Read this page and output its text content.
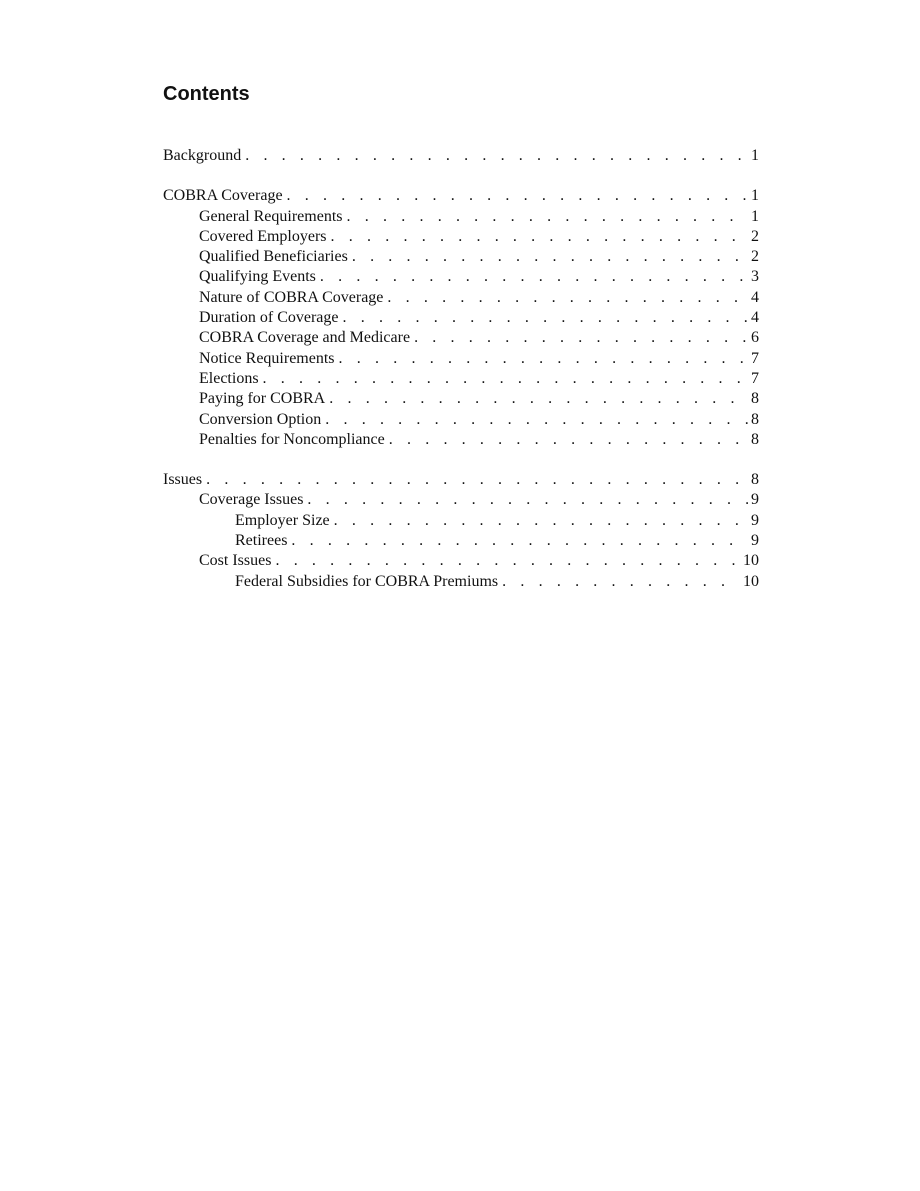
Contents
Background . . .	1
COBRA Coverage . . .	1
General Requirements . . .	1
Covered Employers . . .	2
Qualified Beneficiaries . . .	2
Qualifying Events . . .	3
Nature of COBRA Coverage . . .	4
Duration of Coverage . . .	4
COBRA Coverage and Medicare . . .	6
Notice Requirements . . .	7
Elections . . .	7
Paying for COBRA . . .	8
Conversion Option . . .	8
Penalties for Noncompliance . . .	8
Issues . . .	8
Coverage Issues . . .	9
Employer Size . . .	9
Retirees . . .	9
Cost Issues . . .	10
Federal Subsidies for COBRA Premiums . . .	10
